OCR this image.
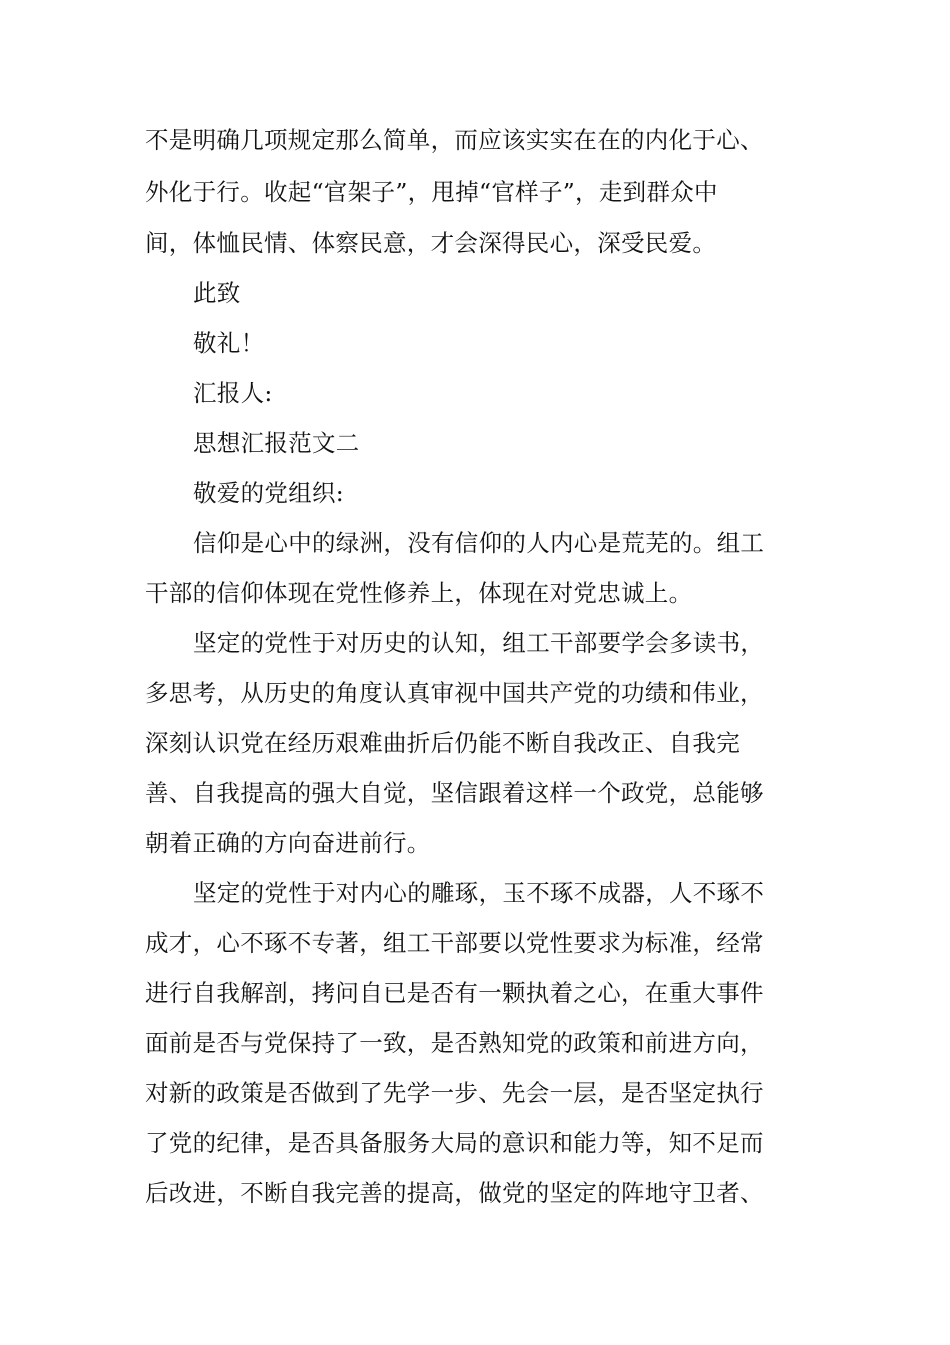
不是明确几项规定那么简单，而应该实实在在的内化于心、
外化于行。收起“官架子”，甩掉“官样子”，走到群众中
间，体恤民情、体察民意，才会深得民心，深受民爱。
此致
敬礼！
汇报人:
思想汇报范文二
敬爱的党组织:
信仰是心中的绿洲，没有信仰的人内心是荒芜的。组工
干部的信仰体现在党性修养上，体现在对党忠诚上。
坚定的党性于对历史的认知，组工干部要学会多读书，
多思考，从历史的角度认真审视中国共产党的功绩和伟业，
深刻认识党在经历艰难曲折后仍能不断自我改正、自我完
善、自我提高的强大自觉，坚信跟着这样一个政党，总能够
朝着正确的方向奋进前行。
坚定的党性于对内心的雕琢，玉不琢不成器，人不琢不
成才，心不琢不专著，组工干部要以党性要求为标准，经常
进行自我解剖，拷问自已是否有一颗执着之心，在重大事件
面前是否与党保持了一致，是否熟知党的政策和前进方向，
对新的政策是否做到了先学一步、先会一层，是否坚定执行
了党的纪律，是否具备服务大局的意识和能力等，知不足而
后改进，不断自我完善的提高，做党的坚定的阵地守卫者、
